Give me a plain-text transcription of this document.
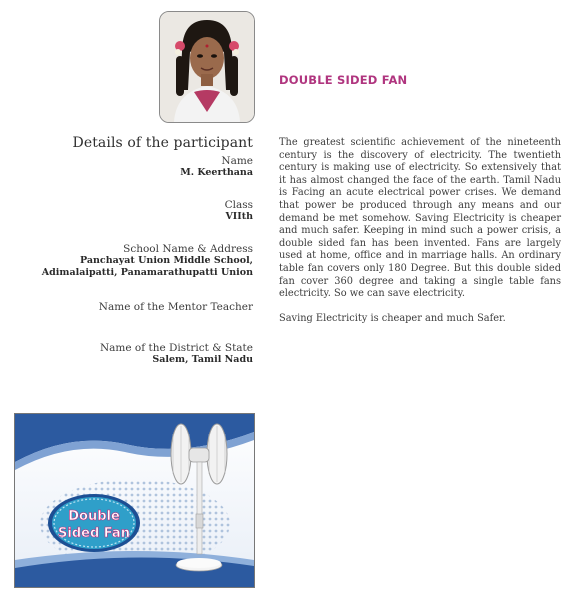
DOUBLE SIDED FAN
Details of the participant
Name
M. Keerthana
Class
VIIth
School Name & Address
Panchayat Union Middle School,
Adimalaipatti, Panamarathupatti Union
Name of the Mentor Teacher
Name of the District & State
Salem, Tamil Nadu

The greatest scientific achievement of the nineteenth century is the discovery of electricity. The twentieth century is making use of electricity. So extensively that it has almost changed the face of the earth. Tamil Nadu is Facing an acute electrical power crises. We demand that power be produced through any means and our demand be met somehow. Saving Electricity is cheaper and much safer. Keeping in mind such a power crisis, a double sided fan has been invented. Fans are largely used at home, office and in marriage halls. An ordinary table fan covers only 180 Degree. But this double sided fan cover 360 degree and taking a single table fans electricity. So we can save electricity.

Saving Electricity is cheaper and much Safer.

Double
Sided Fan
